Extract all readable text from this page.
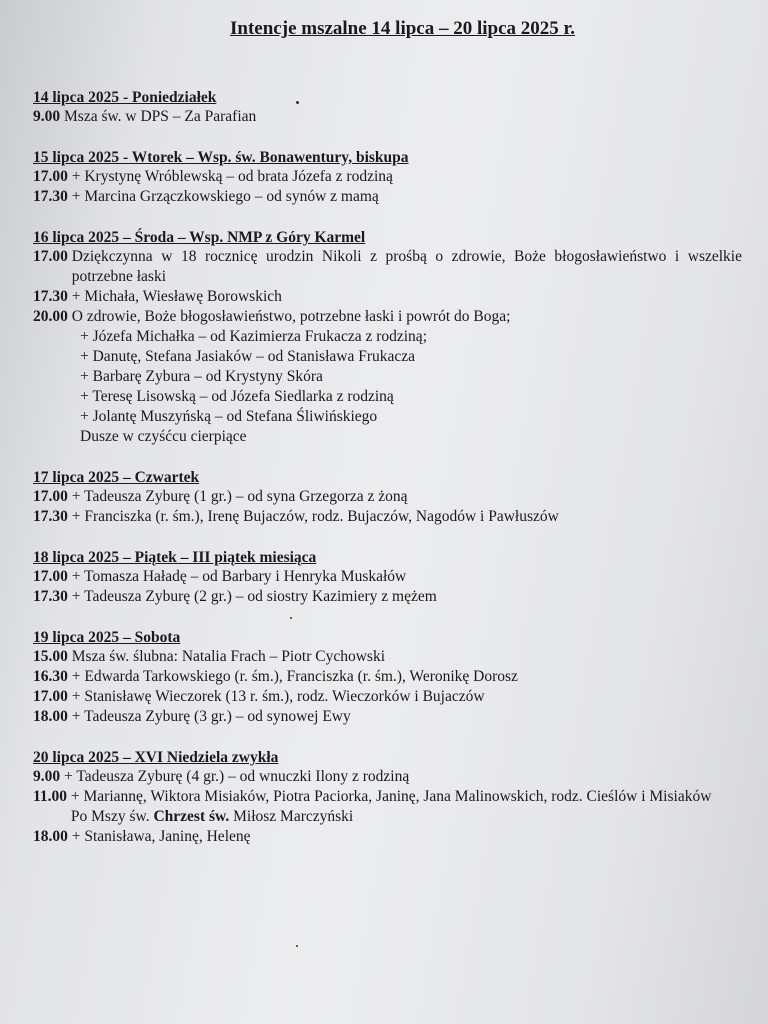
Intencje mszalne 14 lipca – 20 lipca 2025 r.
14 lipca 2025 - Poniedziałek
9.00 Msza św. w DPS – Za Parafian
15 lipca 2025 - Wtorek – Wsp. św. Bonawentury, biskupa
17.00 + Krystynę Wróblewską – od brata Józefa z rodziną
17.30 + Marcina Grzączkowskiego – od synów z mamą
16 lipca 2025 – Środa – Wsp. NMP z Góry Karmel
17.00 Dziękczynna w 18 rocznicę urodzin Nikoli z prośbą o zdrowie, Boże błogosławieństwo i wszelkie potrzebne łaski
17.30 + Michała, Wiesławę Borowskich
20.00 O zdrowie, Boże błogosławieństwo, potrzebne łaski i powrót do Boga;
+ Józefa Michałka – od Kazimierza Frukacza z rodziną;
+ Danutę, Stefana Jasiaków – od Stanisława Frukacza
+ Barbarę Zybura – od Krystyny Skóra
+ Teresę Lisowską – od Józefa Siedlarka z rodziną
+ Jolantę Muszyńską – od Stefana Śliwińskiego
Dusze w czyśćcu cierpiące
17 lipca 2025 – Czwartek
17.00 + Tadeusza Zyburę (1 gr.) – od syna Grzegorza z żoną
17.30 + Franciszka (r. śm.), Irenę Bujaczów, rodz. Bujaczów, Nagodów i Pawłuszów
18 lipca 2025 – Piątek – III piątek miesiąca
17.00 + Tomasza Haładę – od Barbary i Henryka Muskałów
17.30 + Tadeusza Zyburę (2 gr.) – od siostry Kazimiery z mężem
19 lipca 2025 – Sobota
15.00 Msza św. ślubna: Natalia Frach – Piotr Cychowski
16.30 + Edwarda Tarkowskiego (r. śm.), Franciszka (r. śm.), Weronikę Dorosz
17.00 + Stanisławę Wieczorek (13 r. śm.), rodz. Wieczorków i Bujaczów
18.00 + Tadeusza Zyburę (3 gr.) – od synowej Ewy
20 lipca 2025 – XVI Niedziela zwykła
9.00 + Tadeusza Zyburę (4 gr.) – od wnuczki Ilony z rodziną
11.00 + Mariannę, Wiktora Misiaków, Piotra Paciorka, Janinę, Jana Malinowskich, rodz. Cieślów i Misiaków
Po Mszy św. Chrzest św. Miłosz Marczyński
18.00 + Stanisława, Janinę, Helenę
